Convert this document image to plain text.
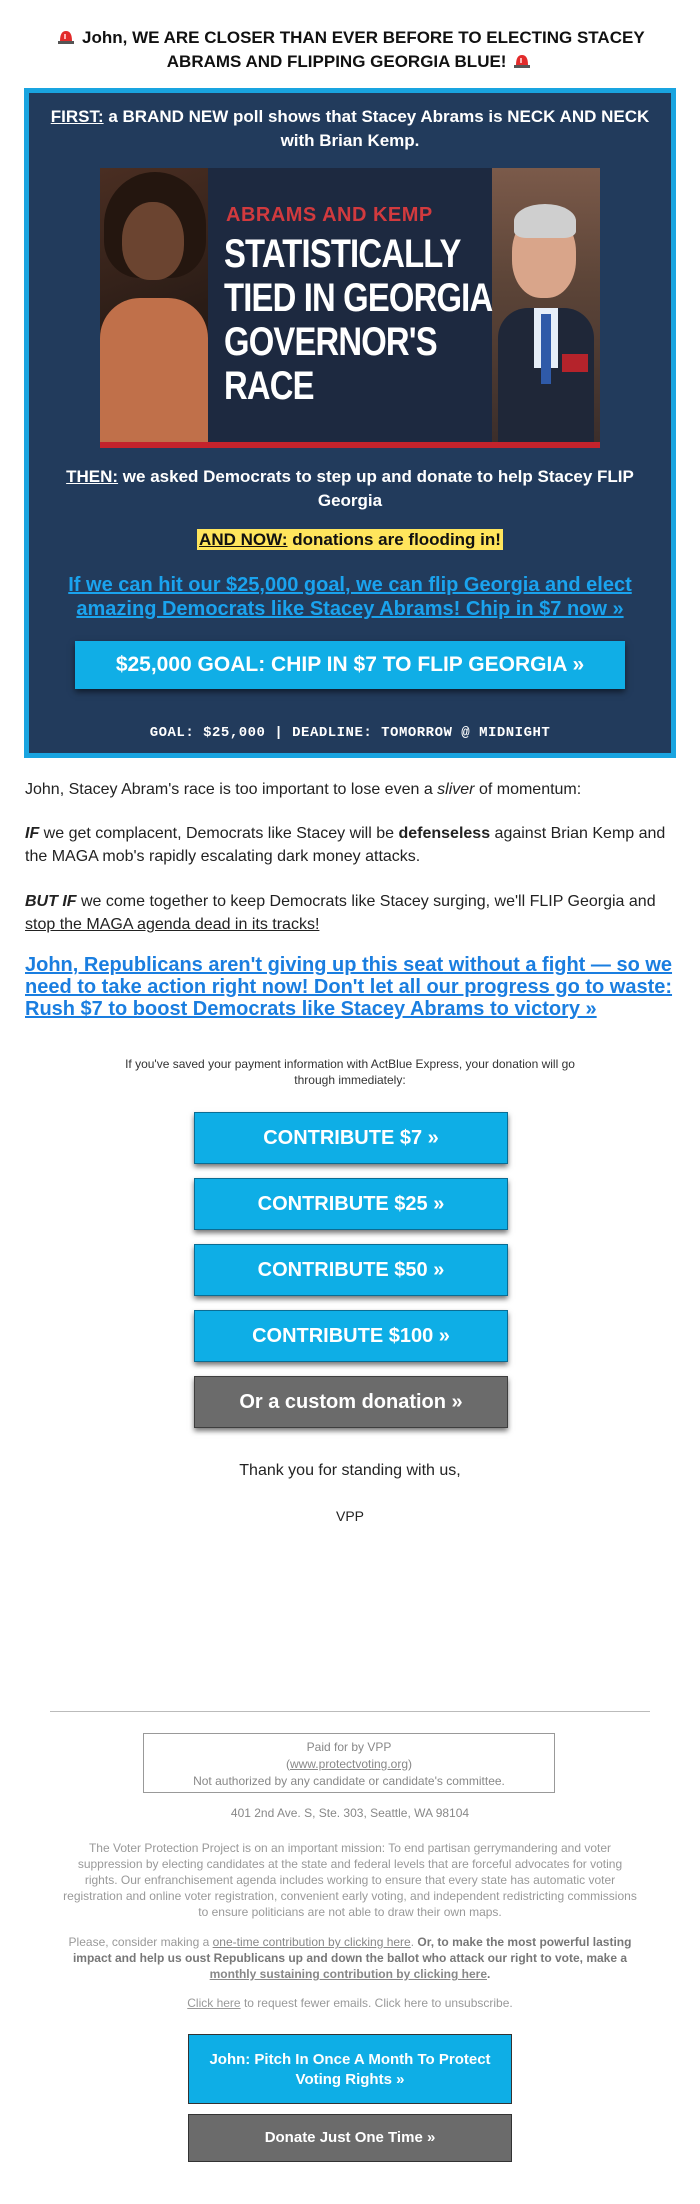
John, WE ARE CLOSER THAN EVER BEFORE TO ELECTING STACEY ABRAMS AND FLIPPING GEORGIA BLUE!
FIRST: a BRAND NEW poll shows that Stacey Abrams is NECK AND NECK with Brian Kemp.
ABRAMS AND KEMP
STATISTICALLY TIED IN GEORGIA GOVERNOR'S RACE
THEN: we asked Democrats to step up and donate to help Stacey FLIP Georgia
AND NOW: donations are flooding in!
If we can hit our $25,000 goal, we can flip Georgia and elect amazing Democrats like Stacey Abrams! Chip in $7 now »
$25,000 GOAL: CHIP IN $7 TO FLIP GEORGIA »
GOAL: $25,000 | DEADLINE: TOMORROW @ MIDNIGHT
John, Stacey Abram's race is too important to lose even a sliver of momentum:
IF we get complacent, Democrats like Stacey will be defenseless against Brian Kemp and the MAGA mob's rapidly escalating dark money attacks.
BUT IF we come together to keep Democrats like Stacey surging, we'll FLIP Georgia and stop the MAGA agenda dead in its tracks!
John, Republicans aren't giving up this seat without a fight — so we need to take action right now! Don't let all our progress go to waste: Rush $7 to boost Democrats like Stacey Abrams to victory »
If you've saved your payment information with ActBlue Express, your donation will go through immediately:
CONTRIBUTE $7 »
CONTRIBUTE $25 »
CONTRIBUTE $50 »
CONTRIBUTE $100 »
Or a custom donation »
Thank you for standing with us,
VPP
Paid for by VPP
(www.protectvoting.org)
Not authorized by any candidate or candidate's committee.
401 2nd Ave. S, Ste. 303, Seattle, WA 98104
The Voter Protection Project is on an important mission: To end partisan gerrymandering and voter suppression by electing candidates at the state and federal levels that are forceful advocates for voting rights. Our enfranchisement agenda includes working to ensure that every state has automatic voter registration and online voter registration, convenient early voting, and independent redistricting commissions to ensure politicians are not able to draw their own maps.
Please, consider making a one-time contribution by clicking here. Or, to make the most powerful lasting impact and help us oust Republicans up and down the ballot who attack our right to vote, make a monthly sustaining contribution by clicking here.
Click here to request fewer emails. Click here to unsubscribe.
John: Pitch In Once A Month To Protect Voting Rights »
Donate Just One Time »
